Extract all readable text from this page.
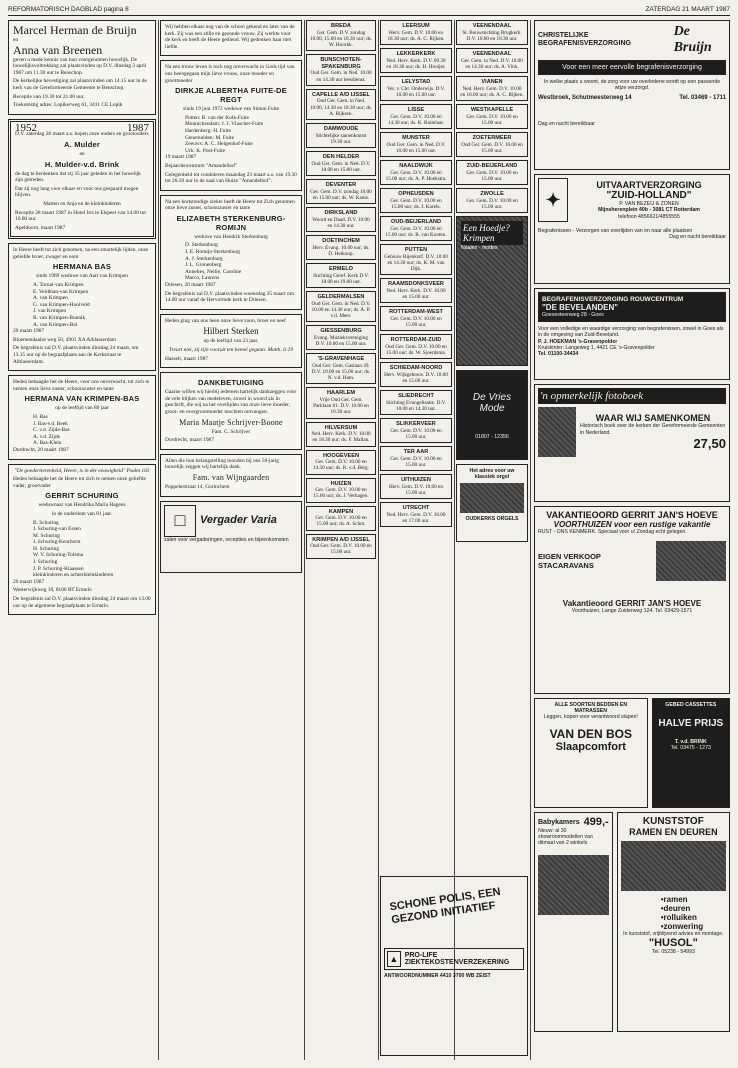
REFORMATORISCH DAGBLAD pagina 8	ZATERDAG 21 MAART 1987
Marcel Herman de Bruijn
en
Anna van Breenen

geven u mede kennis van hun voorgenomen huwelijk. De huwelijksvoltrekking zal plaatsvinden op D.V. dinsdag 3 april 1987 om 11.30 uur te Benschop.

De kerkelijke bevestiging zal plaatsvinden om 14.15 uur in de kerk van de Gereformeerde Gemeente te Benschop.

Receptie van 19.30 tot 21.00 uur.

Toekomstig adres: Lopikerweg 61, 3411 CE Lopik

1952	1987

D.V. zaterdag 28 maart a.s. hopen onze ouders en grootouders

A. Mulder
en
H. Mulder-v.d. Brink

de dag te herdenken dat zij 35 jaar geleden in het huwelijk zijn getreden.

Dat zij nog lang voor elkaar en voor ons gespaard mogen blijven.

Marten en Anja en de kleinkinderen

Receptie 28 maart 1987 in Hotel Iris te Elspeet van 14.00 tot 16.00 uur.

Apeldoorn, maart 1987

In Heere heeft tot zich genomen, na een smartelijk lijden, onze geliefde broer, zwager en oom

HERMANA BAS

sinds 1969 weduwe van Aart van Krimpen

A. Tornai-van Krimpen
E. Veldman-van Krimpen
A. van Krimpen
G. van Krimpen-Hooiveld
J. van Krimpen
B. van Krimpen-Bunnik
A. van Krimpen-Bol

20 maart 1987

Bloemendaalse weg 50, 4901 XA Alblasserdam

De begrafenis zal D.V. plaatsvinden dinsdag 24 maart, om 13.15 uur op de begraafplaats aan de Kerkstraat te Alblasserdam.

Heden behaagde het de Heere, voor ons onverwacht, tot zich te nemen onze lieve zuster, schoonzuster en tante

HERMANA VAN KRIMPEN-BAS

op de leeftijd van 80 jaar

H. Bas
J. Bas-v.d. Beek
C. v.d. Zijde-Bas
A. v.d. Zijde
A. Bas-Klein

Dordrecht, 20 maart 1987

"De goedertierenheid, Heere, is in der eeuwigheid" Psalm 103

Heden behaagde het de Heere tot zich te nemen onze geliefde vader, grootvader

GERRIT SCHURING

weduwnaar van Hendrika Maria Hagens

in de ouderdom van 81 jaar.

B. Schuring
J. Schuring-van Essen
M. Schuring
J. Schuring-Keurhorst
H. Schuring
W. Y. Schuring-Tolsma
J. Schuring
J. P. Schuring-Klaassen
kleinkinderen en achterkleinkinderen

20 maart 1987

Westerwijkweg 10, 8106 RT Ermelo

De begrafenis zal D.V. plaatsvinden dinsdag 24 maart om 13.00 uur op de algemene begraafplaats te Ermelo.

Wij hebben elkaar nog van de school gekend en later van de kerk. Zij was een stille en gezonde vrouw. Zij werkte voor de kerk en heeft de Heere gediend. Wij gedenken haar met liefde.

Na een trouw leven is toch nog onverwacht in Gods tijd van ons heengegaan mijn lieve vrouw, onze moeder en grootmoeder

DIRKJE ALBERTHA FUITE-DE REGT

sinds 19 juni 1972 weduwe van Simon Fuite

Putten: B. van der Kolk-Fuite
Monnickendam: J. J. Vlascher-Fuite
Hardenberg: H. Fuite
Genemuiden: M. Fuite
Zeeuws: A. C. Helgenhof-Fuite
Urk: K. Post-Fuite

19 maart 1987

Bejaardencentrum "Amandelhof"

Gelegenheid tot condoleren maandag 23 maart a.s. van 19.30 tot 20.30 uur in de zaal van Huize "Amandelhof".

Na een kortstondige ziekte heeft de Heere tot Zich genomen onze lieve zuster, schoonzuster en tante

ELIZABETH STERKENBURG-ROMIJN

weduwe van Hendrik Sterkenburg

D. Sterkenburg
J. E. Romijn-Sterkenburg
A. J. Sterkenburg
J. L. Gronenberg
Annelies, Nellie, Caroline
Marco, Laurens

Driesen, 20 maart 1987

De begrafenis zal D.V. plaatsvinden woensdag 25 maart om 14.00 uur vanaf de Hervormde kerk te Driesen.

Heden ging van ons heen onze lieve zoon, broer en neef

Hilbert Sterken

op de leeftijd van 23 jaar.

Treurt niet, zij zijn vooruit ten hemel gegaan. Matth. 6:19

Hasselt, maart 1987

DANKBETUIGING

Gaarne willen wij hierbij iedereen hartelijk dankzeggen voor de vele blijken van medeleven, zowel in woord als in geschrift, die wij na het overlijden van onze lieve moeder, groot- en overgrootmoeder mochten ontvangen.

Maria Maatje Schrijver-Boone

Fam. C. Schrijver

Dordrecht, maart 1987

Allen die hun belangstelling toonden bij ons 50-jarig huwelijk zeggen wij hartelijk dank.

Fam. van Wijngaarden

Poppelerstraat 14, Gorinchem

□	Vergader Varia
zalen voor vergaderingen, recepties en bijeenkomsten
BREDA
Ger. Gem. D.V. zondag 10.00, 15.00 en 18.30 uur; ds. W. Hoorkk.
BUNSCHOTEN-SPAKENBURG
Oud Ger. Gem. in Ned. 10.00 en 14.30 uur leesdienst.
CAPELLE A/D IJSSEL
Oud Ger. Gem. in Ned. 10.00, 14.30 en 18.30 uur; ds. A. Rijksen.
DAMWOUDE
Stichtelijke samenkomst 19.30 uur.
DEN HELDER
Oud Ger. Gem. in Ned. D.V. 10.00 en 15.00 uur.
DEVENTER
Ger. Gem. D.V. zondag 10.00 en 15.00 uur; ds. W. Kanis.
DIRKSLAND
Woord en Daad. D.V. 10.00 en 14.30 uur.
DOETINCHEM
Herv. Evang. 10.00 uur; ds. D. Heikoop.
ERMELO
Stichting Geref. Kerk D.V. 10.00 en 19.00 uur.
GELDERMALSEN
Oud Ger. Gem. in Ned. D.V. 10.00 en 14.30 uur; ds. A. P. v.d. Meer.
GIESSENBURG
Evang. Muziekvereniging D.V. 10.00 en 15.00 uur.
'S-GRAVENHAGE
Oud Ger. Gem. Gaslaan 49. D.V. 10.00 en 15.00 uur; ds. N. v.d. Ham.
HAARLEM
Vrije Oud Ger. Gem. Parklaan 81. D.V. 10.00 en 16.30 uur.
HILVERSUM
Ned. Herv. Kerk. D.V. 10.00 en 18.30 uur; ds. F. Mallan.
HOOGEVEEN
Ger. Gem. D.V. 10.00 en 14.30 uur; ds. R. v.d. Berg.
HUIZEN
Ger. Gem. D.V. 10.00 en 15.00 uur; ds. J. Verhagen.
KAMPEN
Ger. Gem. D.V. 10.00 en 15.00 uur; ds. A. Schot.
KRIMPEN A/D IJSSEL
Oud Ger. Gem. D.V. 10.00 en 15.00 uur.
LEERSUM
Herv. Gem. D.V. 10.00 en 18.30 uur; ds. A. C. Rijken.
LEKKERKERK
Ned. Herv. Kerk. D.V. 09.30 en 18.30 uur; ds. H. Hooijer.
LELYSTAD
Ver. v. Chr. Onderwijs. D.V. 10.00 en 15.00 uur.
LISSE
Ger. Gem. D.V. 10.00 en 14.30 uur; ds. K. Buitelaar.
MUNSTER
Oud Ger. Gem. in Ned. D.V. 10.00 en 15.00 uur.
NAALDWIJK
Ger. Gem. D.V. 10.00 en 15.00 uur; ds. A. P. Hoekstra.
OPHEUSDEN
Ger. Gem. D.V. 10.00 en 15.00 uur; ds. J. Karels.
OUD-BEIJERLAND
Ger. Gem. D.V. 10.00 en 15.00 uur; ds. R. van Kooten.
PUTTEN
Gebouw Bijenkorf. D.V. 10.00 en 14.30 uur; ds. K. M. van Dijk.
RAAMSDONKSVEER
Ned. Herv. Kerk. D.V. 10.00 en 15.00 uur.
ROTTERDAM-WEST
Ger. Gem. D.V. 10.00 en 15.00 uur.
ROTTERDAM-ZUID
Oud Ger. Gem. D.V. 10.00 en 15.00 uur; ds. W. Sjoerdsma.
SCHIEDAM-NOORD
Herv. Wijkgebouw. D.V. 10.00 en 15.00 uur.
SLIEDRECHT
Stichting Evangelisatie. D.V. 10.00 en 14.30 uur.
SLIKKERVEER
Ger. Gem. D.V. 10.00 en 15.00 uur.
TER AAR
Ger. Gem. D.V. 10.00 en 15.00 uur.
UITHUIZEN
Herv. Gem. D.V. 10.00 en 15.00 uur.
UTRECHT
Ned. Herv. Gem. D.V. 10.00 en 17.00 uur.
VEENENDAAL
St. Bouwstichting Brugkerk. D.V. 10.00 en 18.30 uur.
VEENENDAAL
Ger. Gem. in Ned. D.V. 10.00 en 14.30 uur; ds. A. Vink.
VIANEN
Ned. Herv. Gem. D.V. 10.00 en 18.00 uur; ds. A. C. Rijken.
WESTKAPELLE
Ger. Gem. D.V. 10.00 en 15.00 uur.
ZOETERMEER
Oud Ger. Gem. D.V. 10.00 en 15.00 uur.
ZUID-BEIJERLAND
Ger. Gem. D.V. 10.00 en 15.00 uur.
ZWOLLE
Ger. Gem. D.V. 10.00 en 15.00 uur.
Een Hoedje? Krimpen
Naaien · modes
De Vries Mode
01807 - 12356
Het adres voor uw klassiek orgel
OUDKERKS ORGELS
SCHONE POLIS, EEN GEZOND INITIATIEF
▲ PRO-LIFE ZIEKTEKOSTENVERZEKERING
ANTWOORDNUMMER 4410 3700 WB ZEIST
CHRISTELIJKE BEGRAFENISVERZORGING
De Bruijn
Voor een meer eervolle begrafenisverzorging
In welke plaats u woont, de zorg voor uw overledene wordt op een passende wijze verzorgd.
Westbroek, Schutmeesterweg 14	Tel. 03469 - 1711
Dag en nacht bereikbaar
✦
UITVAARTVERZORGING
"ZUID-HOLLAND"
P. VAN BEZEIJ & ZONEN
Mijnsherenplein 40b - 3081 CT Rotterdam
telefoon 4856621/4855555
Begrafenissen - Verzorgen van overlijden van en naar alle plaatsen
Dag en nacht bereikbaar
BEGRAFENISVERZORGING ROUWCENTRUM
"DE BEVELANDEN"
Goesesteenweg 28 - Goes
Voor een volledige en waardige verzorging van begrafenissen, zowel in Goes als in de omgeving van Zuid-Beveland.
P. J. HOEKMAN 's-Gravenpolder
Kruiskinter: Langeweg 1, 4421 CE 's-Gravenpolder
Tel. 01100-34434
'n opmerkelijk fotoboek
WAAR WIJ SAMENKOMEN
Historisch boek over de kerken der Gereformeerde Gemeenten in Nederland.
27,50
VAKANTIEOORD GERRIT JAN'S HOEVE
VOORTHUIZEN voor een rustige vakantie
RUST - ONS KENMERK. Speciaal voor u! Zondag echt gelegen.
EIGEN VERKOOP STACARAVANS
Vakantieoord GERRIT JAN'S HOEVE
Voorthuizen, Lange Zuiderweg 124. Tel. 03429-1571
ALLE SOORTEN BEDDEN EN MATRASSEN
Leggen, kopen voor verantwoord slapen!
VAN DEN BOS
Slaapcomfort
GEBED CASSETTES
HALVE PRIJS
T. v.d. BRINK
Tel. 03475 - 1273
Babykamers 499,-
Nieuw: al 30 showroommodellen van ditmaal van 2 winkels
KUNSTSTOF
RAMEN EN DEUREN
• ramen
• deuren
• rolluiken
• zonwering
In kunststof, vrijblijvend advies en montage.
"HUSOL"
Tel. 05238 - 54993
